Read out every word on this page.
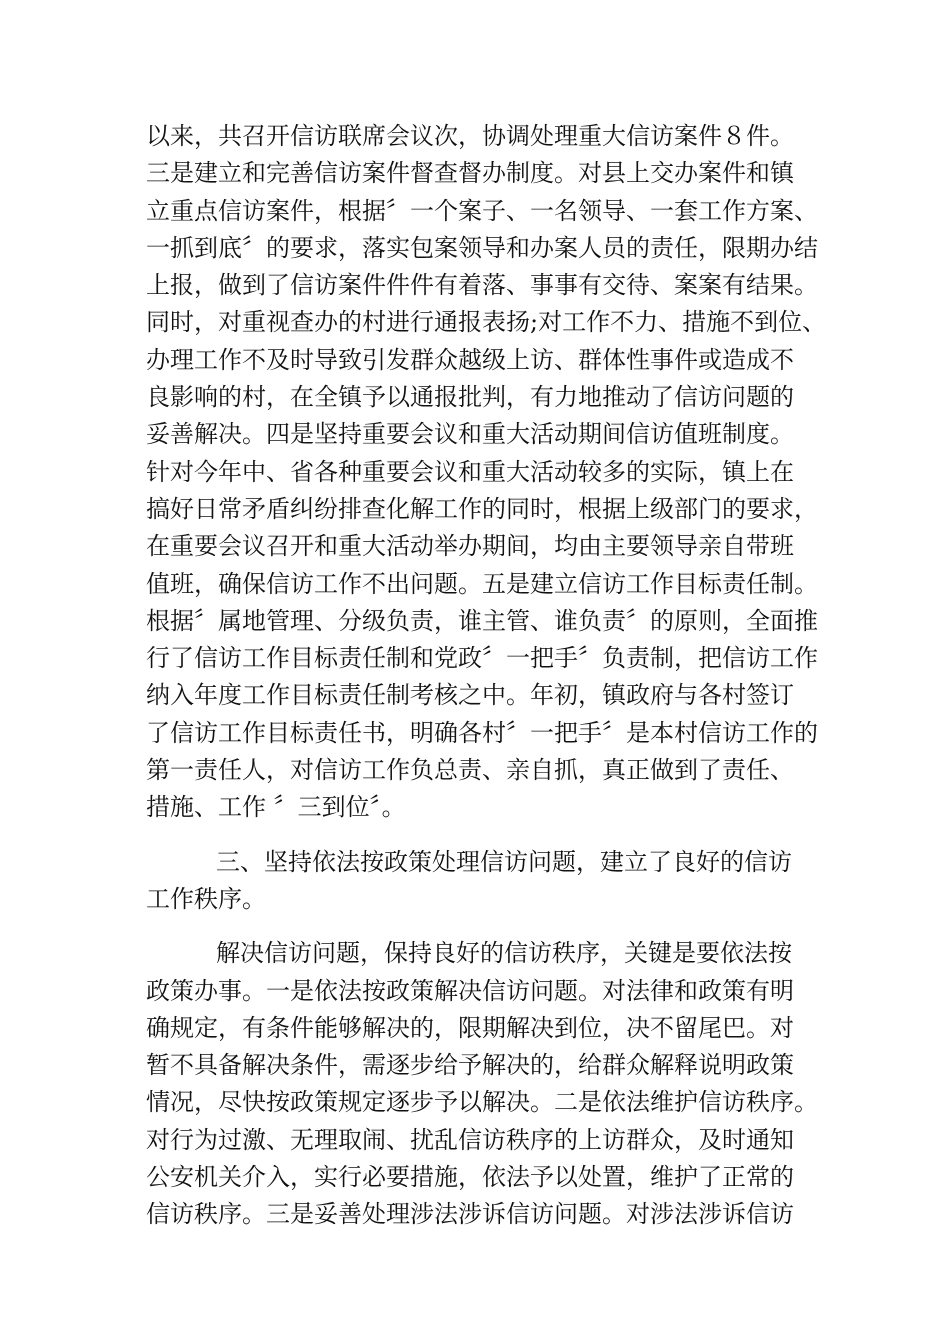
以来，共召开信访联席会议次，协调处理重大信访案件８件。
三是建立和完善信访案件督查督办制度。对县上交办案件和镇
立重点信访案件，根据〞一个案子、一名领导、一套工作方案、
一抓到底〞的要求，落实包案领导和办案人员的责任，限期办结
上报，做到了信访案件件件有着落、事事有交待、案案有结果。
同时，对重视查办的村进行通报表扬;对工作不力、措施不到位、
办理工作不及时导致引发群众越级上访、群体性事件或造成不
良影响的村，在全镇予以通报批判，有力地推动了信访问题的
妥善解决。四是坚持重要会议和重大活动期间信访值班制度。
针对今年中、省各种重要会议和重大活动较多的实际，镇上在
搞好日常矛盾纠纷排查化解工作的同时，根据上级部门的要求，
在重要会议召开和重大活动举办期间，均由主要领导亲自带班
值班，确保信访工作不出问题。五是建立信访工作目标责任制。
根据〞属地管理、分级负责，谁主管、谁负责〞的原则，全面推
行了信访工作目标责任制和党政〞一把手〞负责制，把信访工作
纳入年度工作目标责任制考核之中。年初，镇政府与各村签订
了信访工作目标责任书，明确各村〞一把手〞是本村信访工作的
第一责任人，对信访工作负总责、亲自抓，真正做到了责任、
措施、工作 〞三到位〞。
三、坚持依法按政策处理信访问题，建立了良好的信访
工作秩序。
解决信访问题，保持良好的信访秩序，关键是要依法按
政策办事。一是依法按政策解决信访问题。对法律和政策有明
确规定，有条件能够解决的，限期解决到位，决不留尾巴。对
暂不具备解决条件，需逐步给予解决的，给群众解释说明政策
情况，尽快按政策规定逐步予以解决。二是依法维护信访秩序。
对行为过激、无理取闹、扰乱信访秩序的上访群众，及时通知
公安机关介入，实行必要措施，依法予以处置，维护了正常的
信访秩序。三是妥善处理涉法涉诉信访问题。对涉法涉诉信访
